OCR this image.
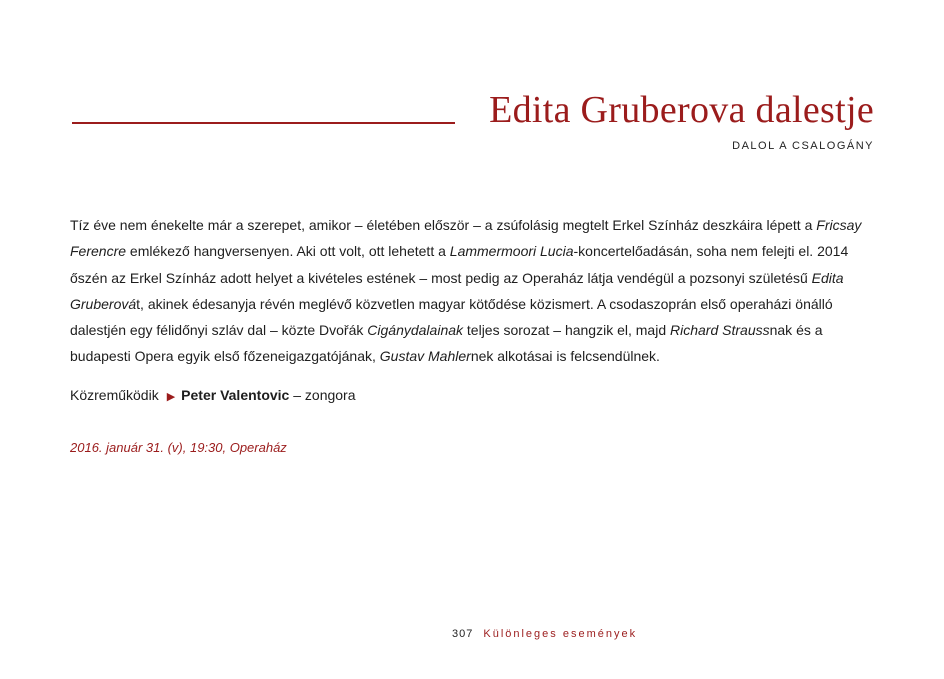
Edita Gruberova dalestje
DALOL A CSALOGÁNY

Tíz éve nem énekelte már a szerepet, amikor – életében először – a zsúfolásig megtelt Erkel Színház deszkáira lépett a Fricsay Ferencre emlékező hangversenyen. Aki ott volt, ott lehetett a Lammermoori Lucia-koncertelőadásán, soha nem felejti el. 2014 őszén az Erkel Színház adott helyet a kivételes estének – most pedig az Operaház látja vendégül a pozsonyi születésű Edita Gruberovát, akinek édesanyja révén meglévő közvetlen magyar kötődése közismert. A csodaszoprán első operaházi önálló dalestjén egy félidőnyi szláv dal – közte Dvořák Cigánydalainak teljes sorozat – hangzik el, majd Richard Straussnak és a budapesti Opera egyik első főzeneigazgatójának, Gustav Mahlernek alkotásai is felcsendülnek.

Közreműködik ▶ Peter Valentovic – zongora
2016. január 31. (v), 19:30, Operaház
307 Különleges események
